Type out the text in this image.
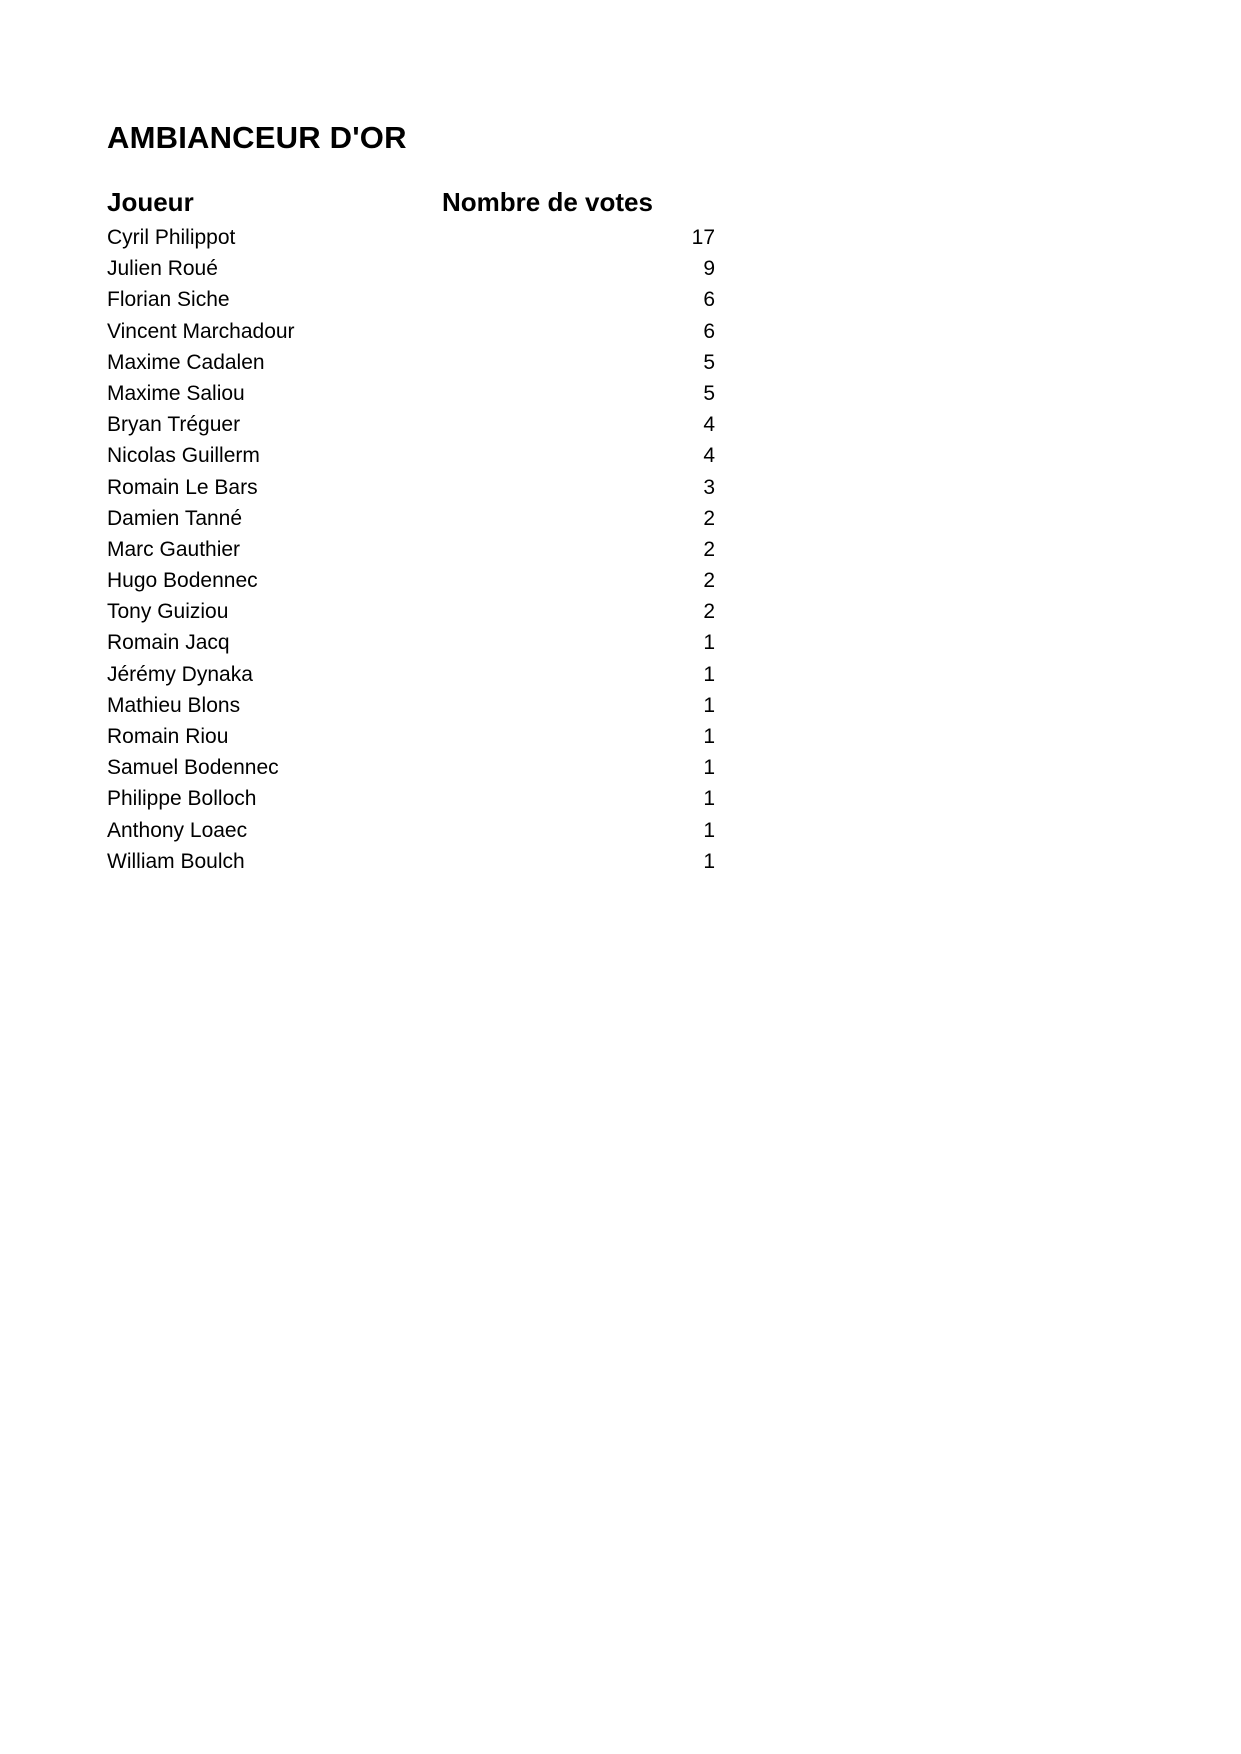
AMBIANCEUR D'OR
Joueur	Nombre de votes
Cyril Philippot	17
Julien Roué	9
Florian Siche	6
Vincent Marchadour	6
Maxime Cadalen	5
Maxime Saliou	5
Bryan Tréguer	4
Nicolas Guillerm	4
Romain Le Bars	3
Damien Tanné	2
Marc Gauthier	2
Hugo Bodennec	2
Tony Guiziou	2
Romain Jacq	1
Jérémy Dynaka	1
Mathieu Blons	1
Romain Riou	1
Samuel Bodennec	1
Philippe Bolloch	1
Anthony Loaec	1
William Boulch	1
